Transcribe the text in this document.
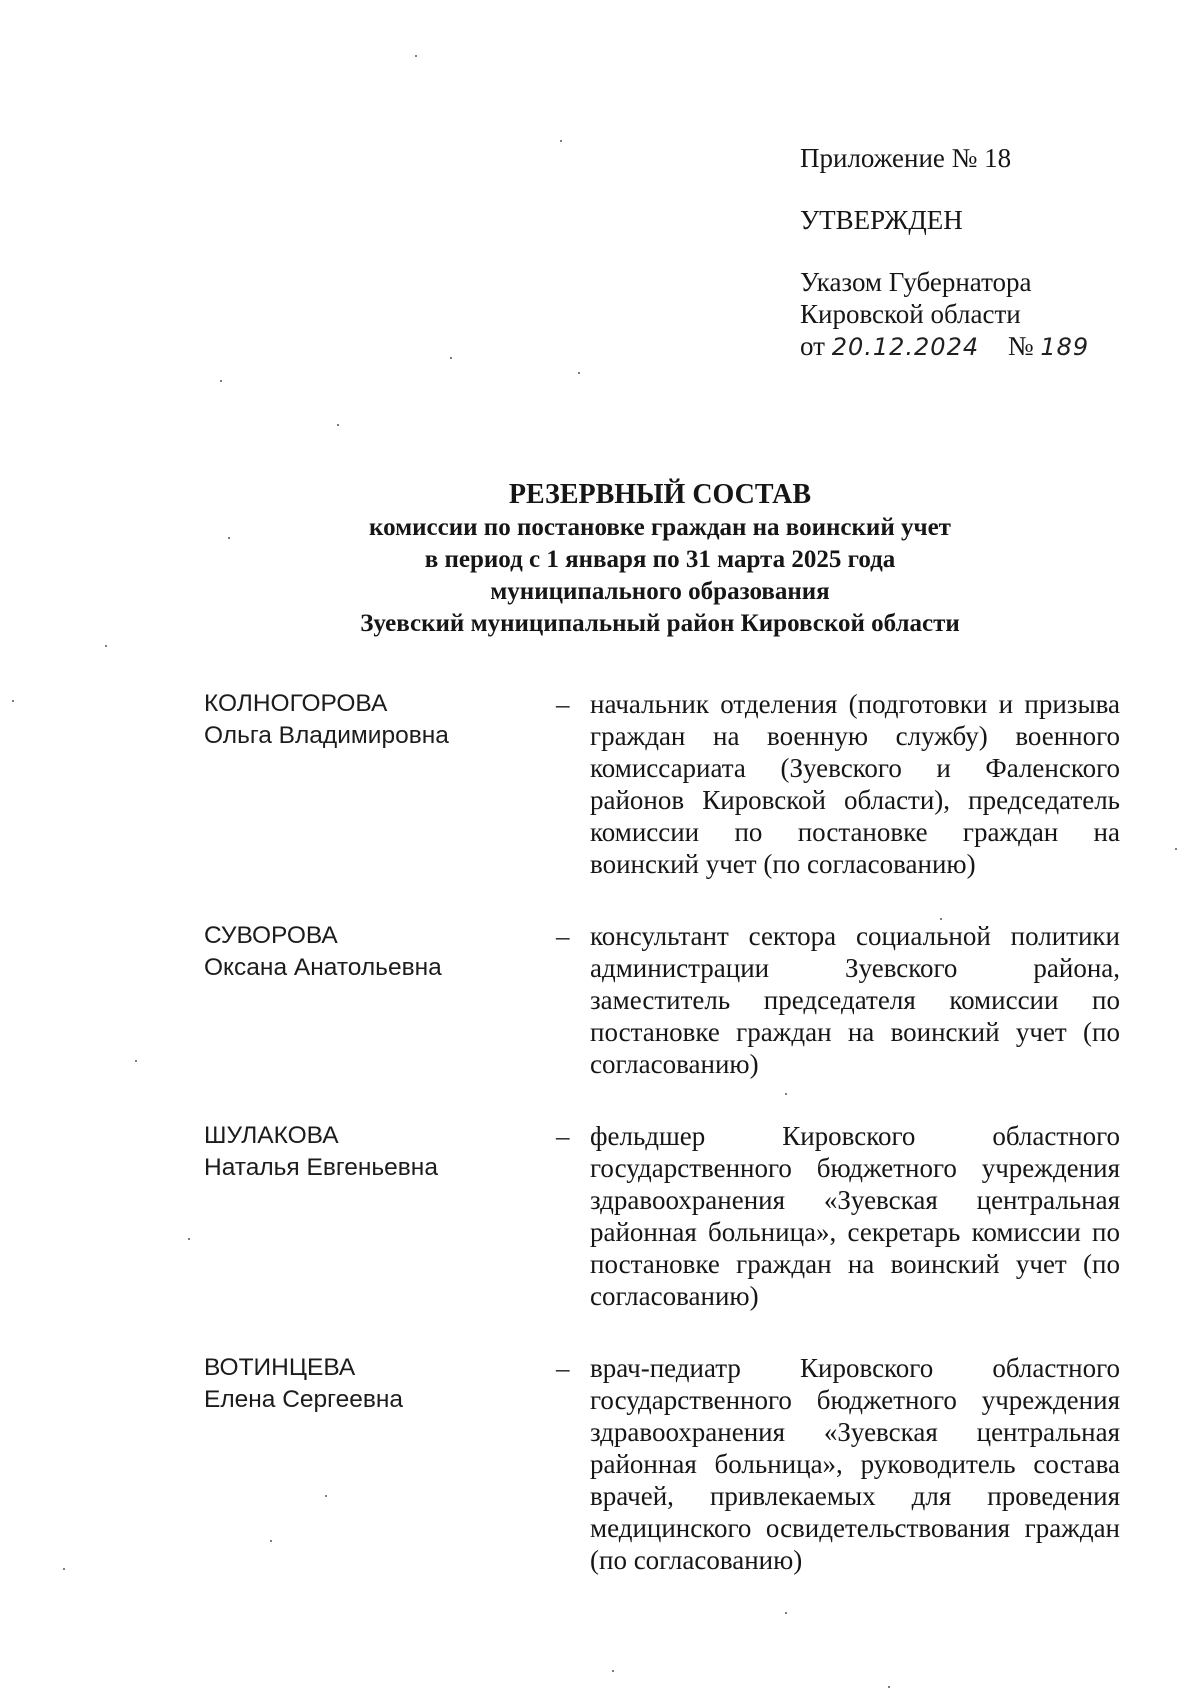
Приложение № 18
УТВЕРЖДЕН
Указом Губернатора
Кировской области
от 20.12.2024 № 189
РЕЗЕРВНЫЙ СОСТАВ
комиссии по постановке граждан на воинский учет
в период с 1 января по 31 марта 2025 года
муниципального образования
Зуевский муниципальный район Кировской области
КОЛНОГОРОВА
Ольга Владимировна
– начальник отделения (подготовки и призыва граждан на военную службу) военного комиссариата (Зуевского и Фаленского районов Кировской области), председатель комиссии по постановке граждан на воинский учет (по согласованию)
СУВОРОВА
Оксана Анатольевна
– консультант сектора социальной политики администрации Зуевского района, заместитель председателя комиссии по постановке граждан на воинский учет (по согласованию)
ШУЛАКОВА
Наталья Евгеньевна
– фельдшер Кировского областного государственного бюджетного учреждения здравоохранения «Зуевская центральная районная больница», секретарь комиссии по постановке граждан на воинский учет (по согласованию)
ВОТИНЦЕВА
Елена Сергеевна
– врач-педиатр Кировского областного государственного бюджетного учреждения здравоохранения «Зуевская центральная районная больница», руководитель состава врачей, привлекаемых для проведения медицинского освидетельствования граждан (по согласованию)
